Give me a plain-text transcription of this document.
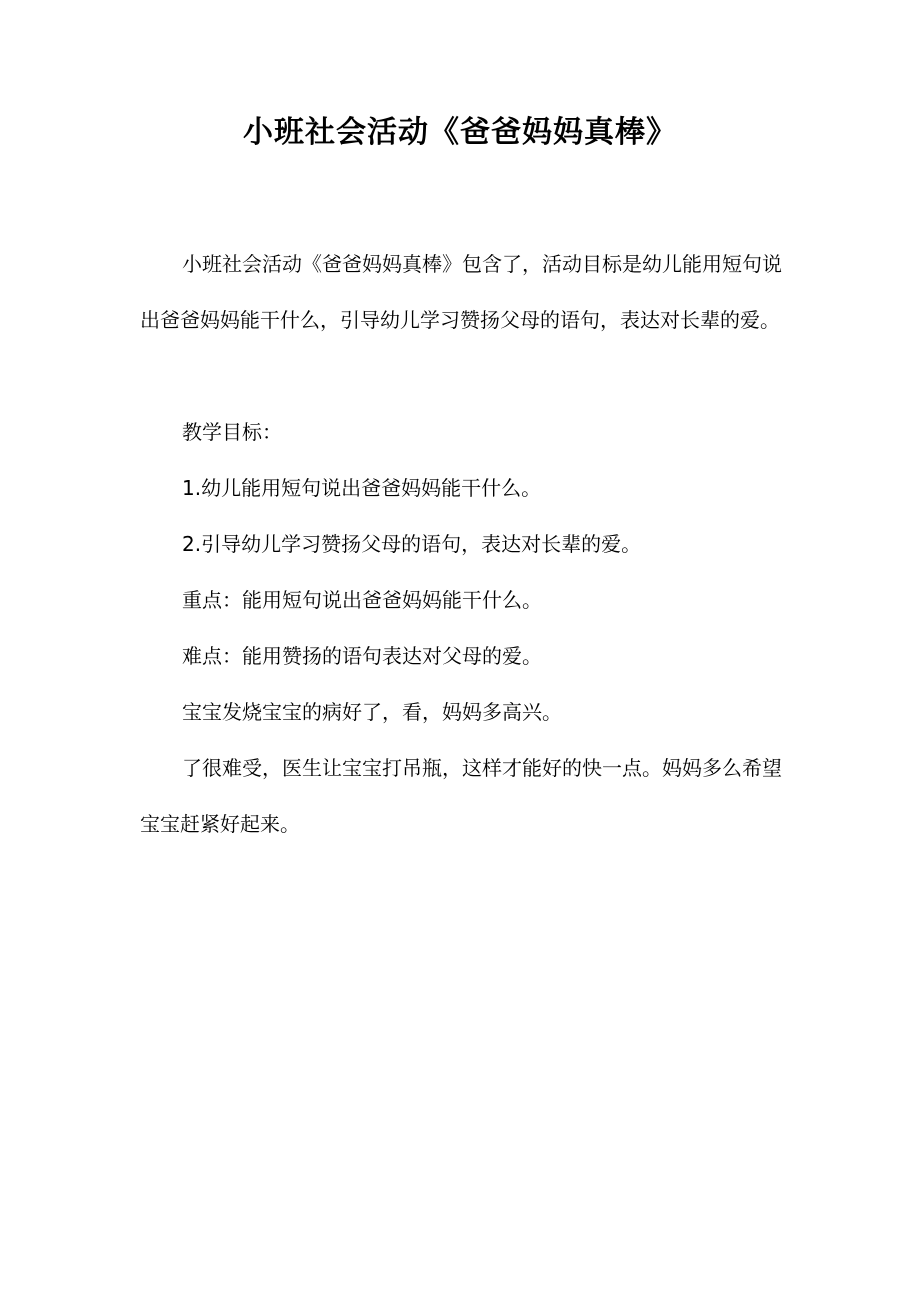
小班社会活动《爸爸妈妈真棒》

小班社会活动《爸爸妈妈真棒》包含了，活动目标是幼儿能用短句说出爸爸妈妈能干什么，引导幼儿学习赞扬父母的语句，表达对长辈的爱。

教学目标：

1.幼儿能用短句说出爸爸妈妈能干什么。

2.引导幼儿学习赞扬父母的语句，表达对长辈的爱。

重点：能用短句说出爸爸妈妈能干什么。

难点：能用赞扬的语句表达对父母的爱。

宝宝发烧宝宝的病好了，看，妈妈多高兴。

了很难受，医生让宝宝打吊瓶，这样才能好的快一点。妈妈多么希望宝宝赶紧好起来。
